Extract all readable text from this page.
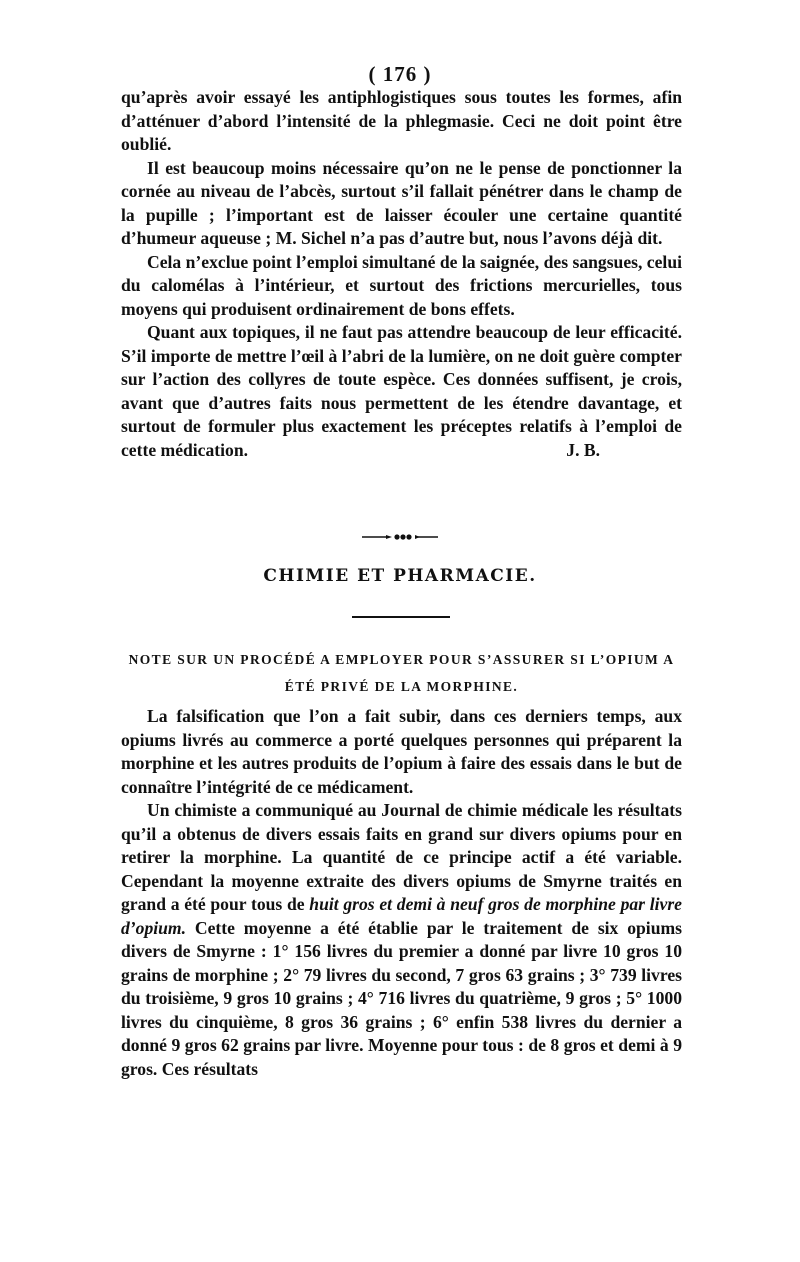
( 176 )

qu’après avoir essayé les antiphlogistiques sous toutes les formes, afin d’atténuer d’abord l’intensité de la phlegmasie. Ceci ne doit point être oublié.

Il est beaucoup moins nécessaire qu’on ne le pense de ponctionner la cornée au niveau de l’abcès, surtout s’il fallait pénétrer dans le champ de la pupille ; l’important est de laisser écouler une certaine quantité d’humeur aqueuse ; M. Sichel n’a pas d’autre but, nous l’avons déjà dit.

Cela n’exclue point l’emploi simultané de la saignée, des sangsues, celui du calomélas à l’intérieur, et surtout des frictions mercurielles, tous moyens qui produisent ordinairement de bons effets.

Quant aux topiques, il ne faut pas attendre beaucoup de leur efficacité. S’il importe de mettre l’œil à l’abri de la lumière, on ne doit guère compter sur l’action des collyres de toute espèce. Ces données suffisent, je crois, avant que d’autres faits nous permettent de les étendre davantage, et surtout de formuler plus exactement les préceptes relatifs à l’emploi de cette médication.	J. B.

CHIMIE ET PHARMACIE.
NOTE SUR UN PROCÉDÉ A EMPLOYER POUR S’ASSURER SI L’OPIUM A ÉTÉ PRIVÉ DE LA MORPHINE.

La falsification que l’on a fait subir, dans ces derniers temps, aux opiums livrés au commerce a porté quelques personnes qui préparent la morphine et les autres produits de l’opium à faire des essais dans le but de connaître l’intégrité de ce médicament.

Un chimiste a communiqué au Journal de chimie médicale les résultats qu’il a obtenus de divers essais faits en grand sur divers opiums pour en retirer la morphine. La quantité de ce principe actif a été variable. Cependant la moyenne extraite des divers opiums de Smyrne traités en grand a été pour tous de huit gros et demi à neuf gros de morphine par livre d’opium. Cette moyenne a été établie par le traitement de six opiums divers de Smyrne : 1° 156 livres du premier a donné par livre 10 gros 10 grains de morphine ; 2° 79 livres du second, 7 gros 63 grains ; 3° 739 livres du troisième, 9 gros 10 grains ; 4° 716 livres du quatrième, 9 gros ; 5° 1000 livres du cinquième, 8 gros 36 grains ; 6° enfin 538 livres du dernier a donné 9 gros 62 grains par livre. Moyenne pour tous : de 8 gros et demi à 9 gros. Ces résultats
